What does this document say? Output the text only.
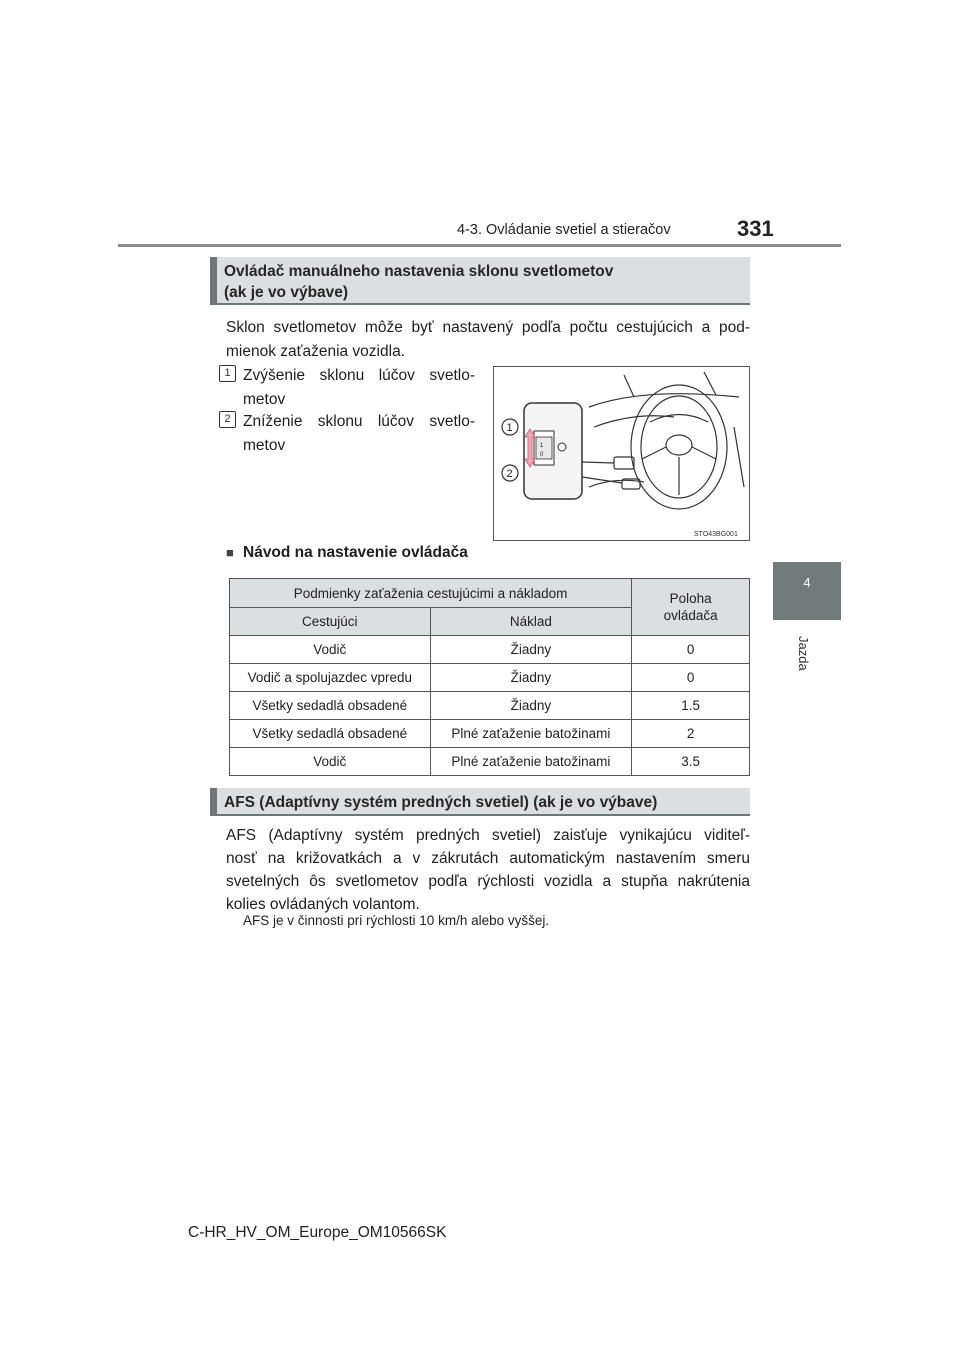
4-3. Ovládanie svetiel a stieračov	331
4
Jazda
Ovládač manuálneho nastavenia sklonu svetlometov
(ak je vo výbave)
Sklon svetlometov môže byť nastavený podľa počtu cestujúcich a pod-
mienok zaťaženia vozidla.
1 Zvýšenie sklonu lúčov svetlo-
metov
2 Zníženie sklonu lúčov svetlo-
metov	1
0
1
2
STO43BG001
■ Návod na nastavenie ovládača
Podmienky zaťaženia cestujúcimi a nákladom		Poloha
ovládača
Cestujúci	Náklad	
Vodič	Žiadny	0
Vodič a spolujazdec vpredu	Žiadny	0
Všetky sedadlá obsadené	Žiadny	1.5
Všetky sedadlá obsadené	Plné zaťaženie batožinami	2
Vodič	Plné zaťaženie batožinami	3.5
AFS (Adaptívny systém predných svetiel) (ak je vo výbave)
AFS (Adaptívny systém predných svetiel) zaisťuje vynikajúcu viditeľ-
nosť na križovatkách a v zákrutách automatickým nastavením smeru
svetelných ôs svetlometov podľa rýchlosti vozidla a stupňa nakrútenia
kolies ovládaných volantom.
AFS je v činnosti pri rýchlosti 10 km/h alebo vyššej.
C-HR_HV_OM_Europe_OM10566SK
